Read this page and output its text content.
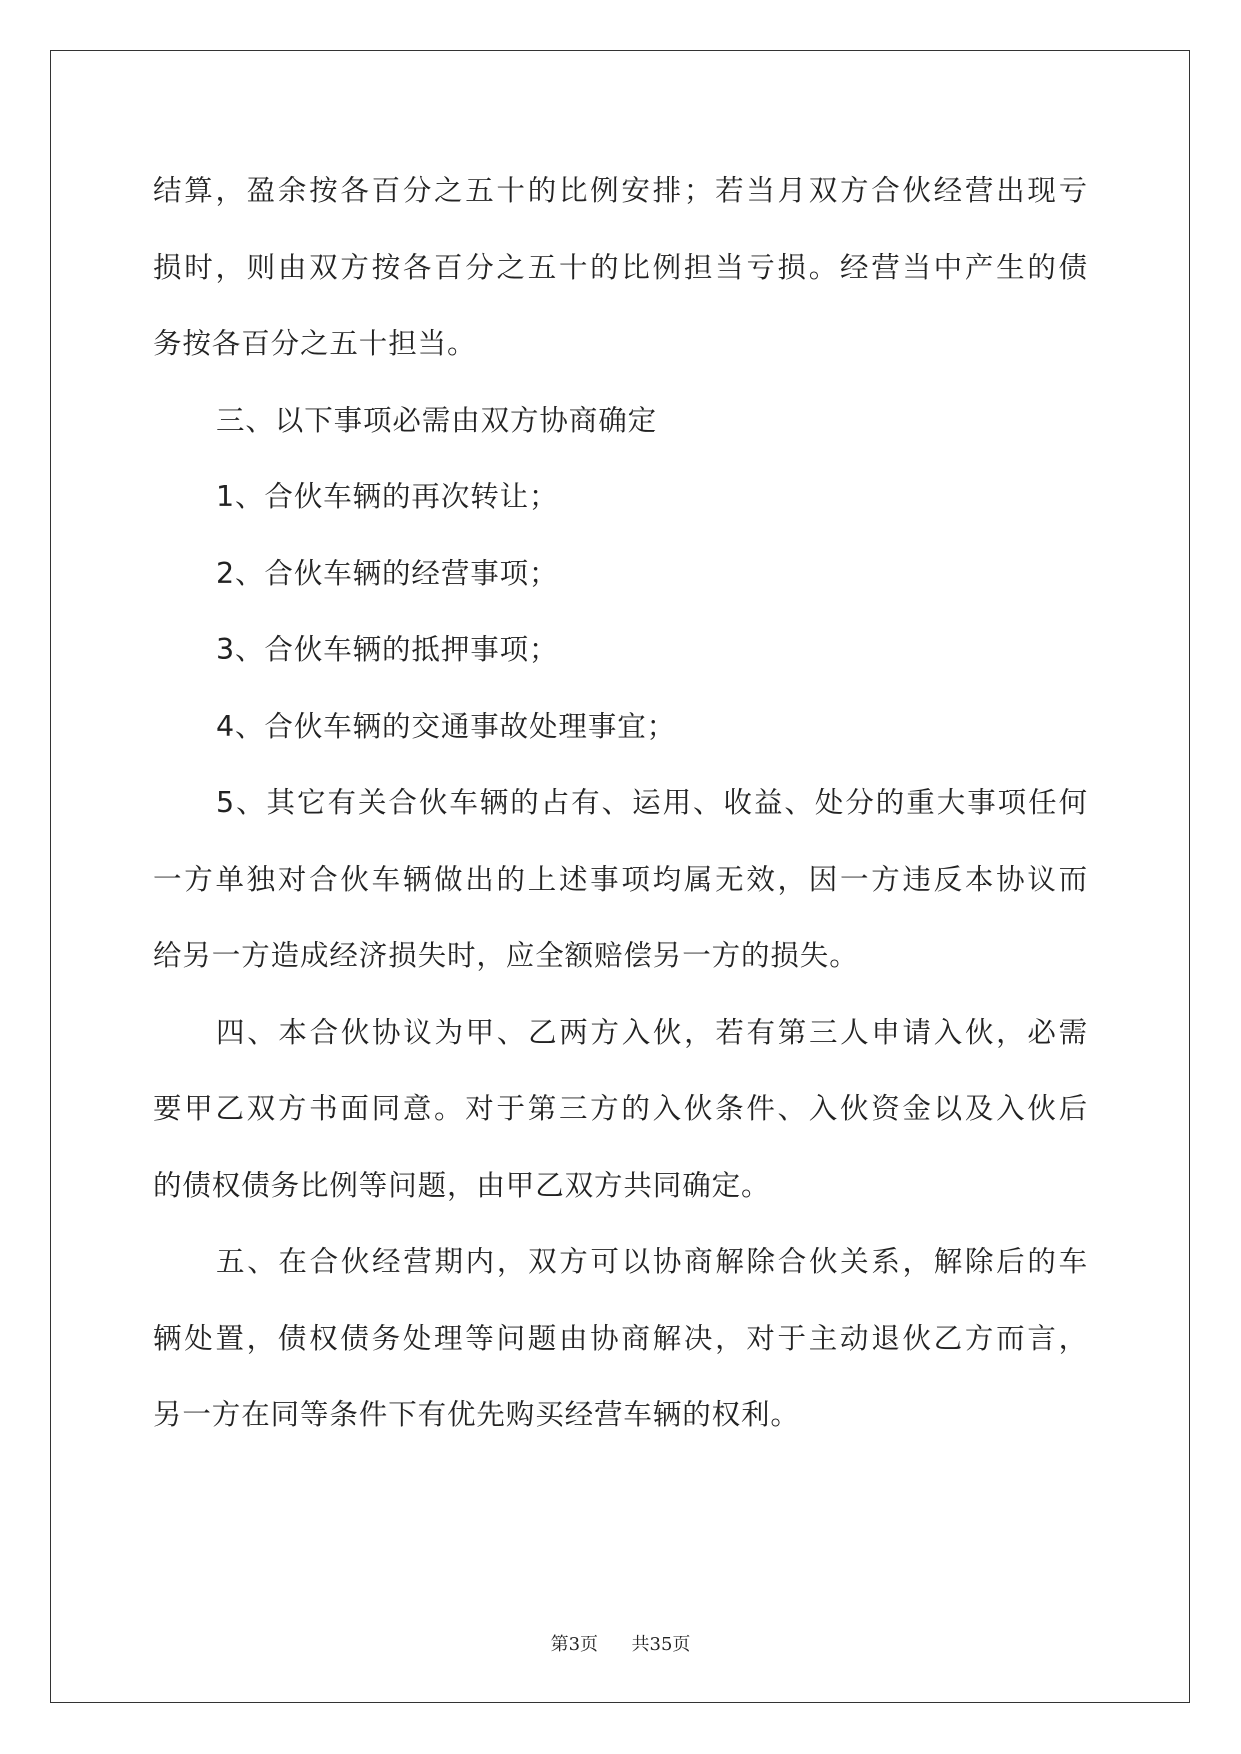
结算，盈余按各百分之五十的比例安排；若当月双方合伙经营出现亏
损时，则由双方按各百分之五十的比例担当亏损。经营当中产生的债
务按各百分之五十担当。
三、以下事项必需由双方协商确定
1、合伙车辆的再次转让；
2、合伙车辆的经营事项；
3、合伙车辆的抵押事项；
4、合伙车辆的交通事故处理事宜；
5、其它有关合伙车辆的占有、运用、收益、处分的重大事项任何
一方单独对合伙车辆做出的上述事项均属无效，因一方违反本协议而
给另一方造成经济损失时，应全额赔偿另一方的损失。
四、本合伙协议为甲、乙两方入伙，若有第三人申请入伙，必需
要甲乙双方书面同意。对于第三方的入伙条件、入伙资金以及入伙后
的债权债务比例等问题，由甲乙双方共同确定。
五、在合伙经营期内，双方可以协商解除合伙关系，解除后的车
辆处置，债权债务处理等问题由协商解决，对于主动退伙乙方而言，
另一方在同等条件下有优先购买经营车辆的权利。
第3页 共35页
